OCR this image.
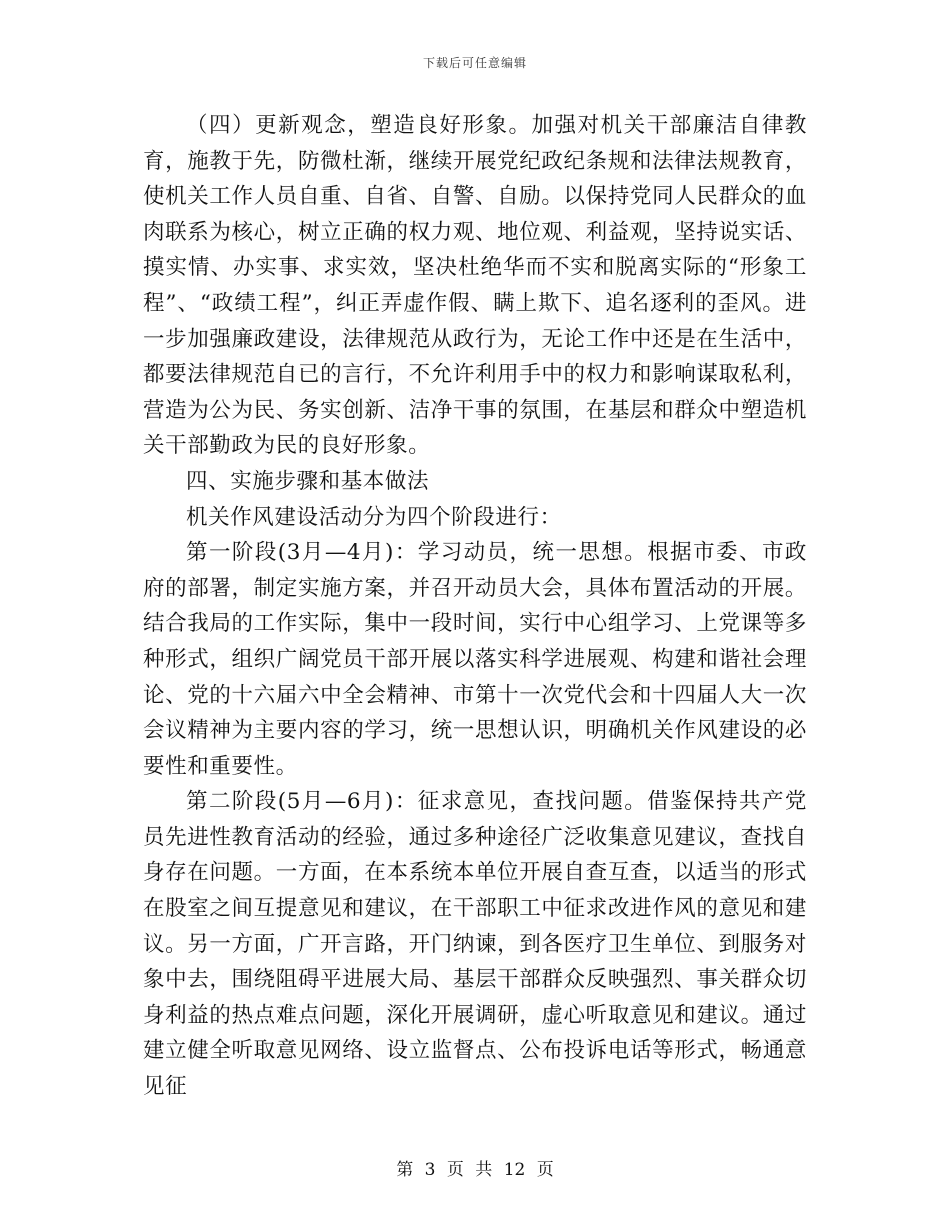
下载后可任意编辑

（四）更新观念，塑造良好形象。加强对机关干部廉洁自律教育，施教于先，防微杜渐，继续开展党纪政纪条规和法律法规教育，使机关工作人员自重、自省、自警、自励。以保持党同人民群众的血肉联系为核心，树立正确的权力观、地位观、利益观，坚持说实话、摸实情、办实事、求实效，坚决杜绝华而不实和脱离实际的“形象工程”、“政绩工程”，纠正弄虚作假、瞒上欺下、追名逐利的歪风。进一步加强廉政建设，法律规范从政行为，无论工作中还是在生活中，都要法律规范自已的言行，不允许利用手中的权力和影响谋取私利，营造为公为民、务实创新、洁净干事的氛围，在基层和群众中塑造机关干部勤政为民的良好形象。

四、实施步骤和基本做法

机关作风建设活动分为四个阶段进行：

第一阶段(3月—4月)：学习动员，统一思想。根据市委、市政府的部署，制定实施方案，并召开动员大会，具体布置活动的开展。结合我局的工作实际，集中一段时间，实行中心组学习、上党课等多种形式，组织广阔党员干部开展以落实科学进展观、构建和谐社会理论、党的十六届六中全会精神、市第十一次党代会和十四届人大一次会议精神为主要内容的学习，统一思想认识，明确机关作风建设的必要性和重要性。

第二阶段(5月—6月)：征求意见，查找问题。借鉴保持共产党员先进性教育活动的经验，通过多种途径广泛收集意见建议，查找自身存在问题。一方面，在本系统本单位开展自查互查，以适当的形式在股室之间互提意见和建议，在干部职工中征求改进作风的意见和建议。另一方面，广开言路，开门纳谏，到各医疗卫生单位、到服务对象中去，围绕阻碍平进展大局、基层干部群众反映强烈、事关群众切身利益的热点难点问题，深化开展调研，虚心听取意见和建议。通过建立健全听取意见网络、设立监督点、公布投诉电话等形式，畅通意见征

第 3 页 共 12 页
